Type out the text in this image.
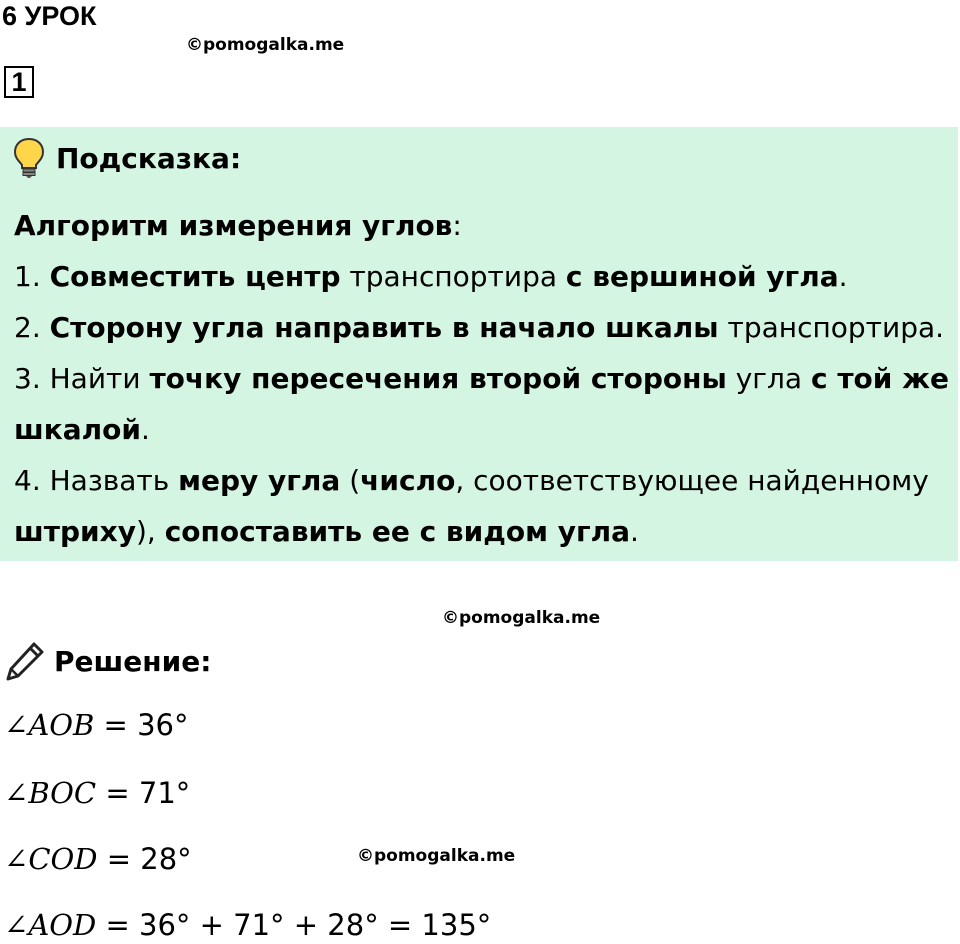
6 УРОК
©pomogalka.me
1
Подсказка:

Алгоритм измерения углов:

1. Совместить центр транспортира с вершиной угла.

2. Сторону угла направить в начало шкалы транспортира.

3. Найти точку пересечения второй стороны угла с той же шкалой.

4. Назвать меру угла (число, соответствующее найденному штриху), сопоставить ее с видом угла.

©pomogalka.me
Решение:
∠AOB = 36°
∠BOC = 71°
∠COD = 28°	©pomogalka.me
∠AOD = 36° + 71° + 28° = 135°
